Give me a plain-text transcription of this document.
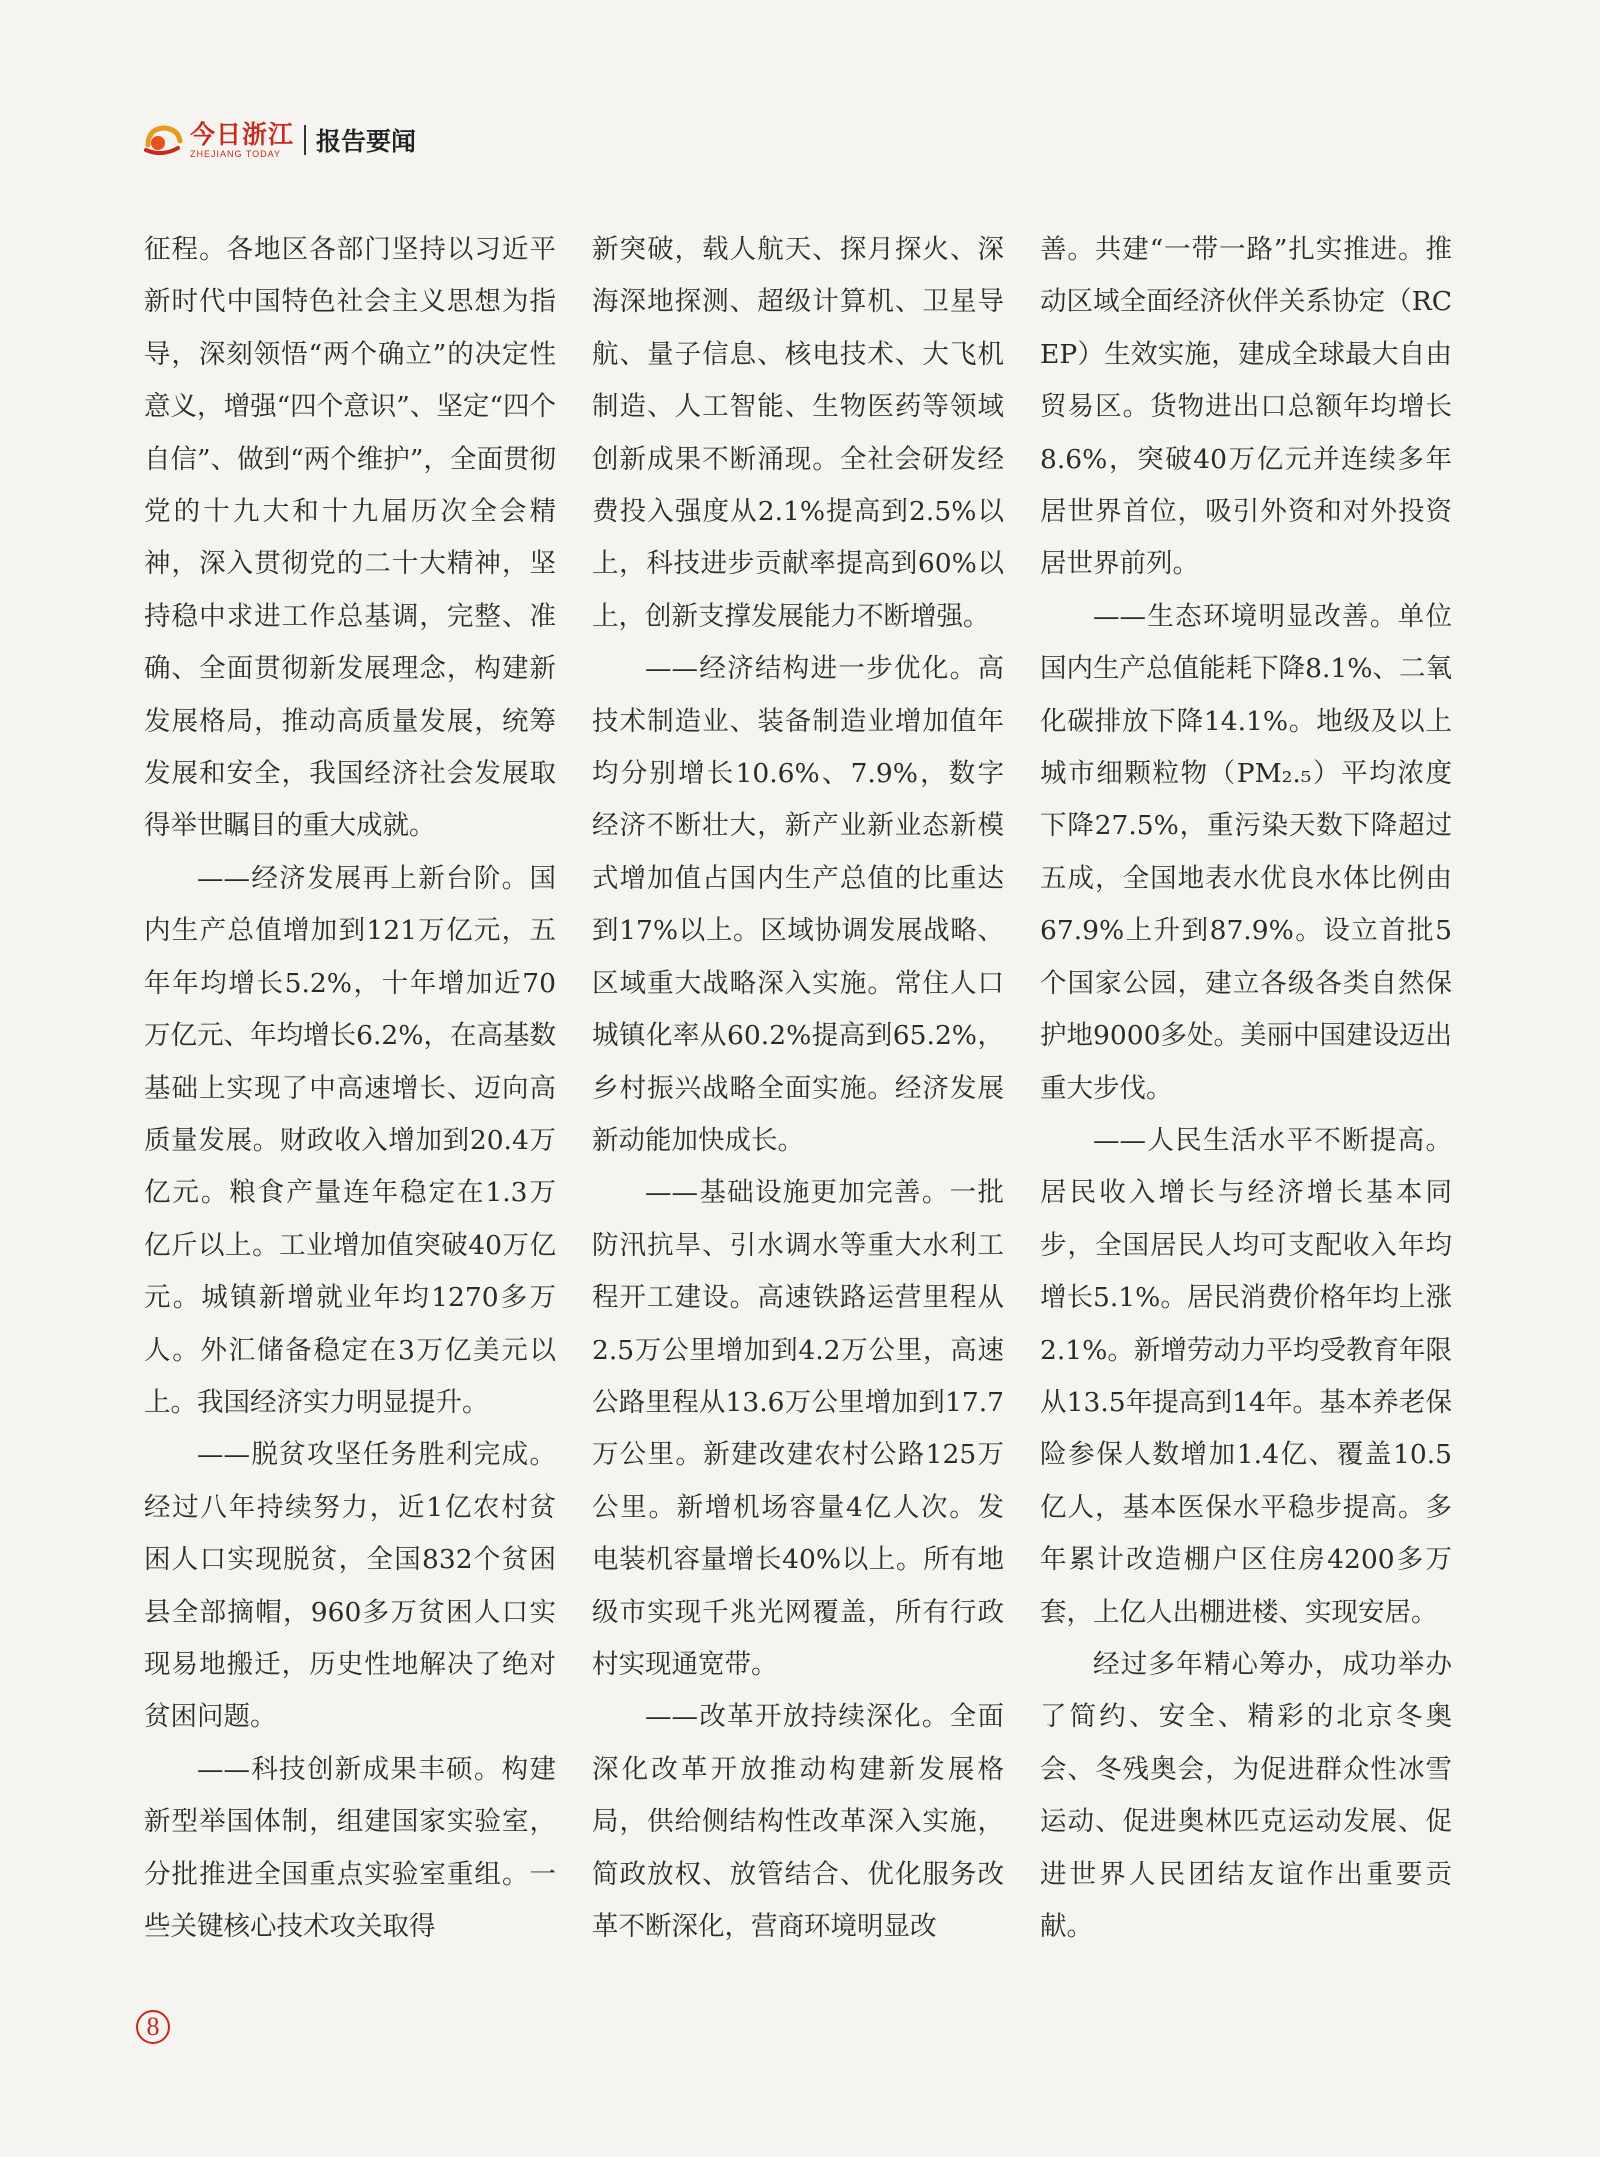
今日浙江
ZHEJIANG TODAY	报告要闻

征程。各地区各部门坚持以习近平新时代中国特色社会主义思想为指导，深刻领悟“两个确立”的决定性意义，增强“四个意识”、坚定“四个自信”、做到“两个维护”，全面贯彻党的十九大和十九届历次全会精神，深入贯彻党的二十大精神，坚持稳中求进工作总基调，完整、准确、全面贯彻新发展理念，构建新发展格局，推动高质量发展，统筹发展和安全，我国经济社会发展取得举世瞩目的重大成就。

——经济发展再上新台阶。国内生产总值增加到121万亿元，五年年均增长5.2%，十年增加近70万亿元、年均增长6.2%，在高基数基础上实现了中高速增长、迈向高质量发展。财政收入增加到20.4万亿元。粮食产量连年稳定在1.3万亿斤以上。工业增加值突破40万亿元。城镇新增就业年均1270多万人。外汇储备稳定在3万亿美元以上。我国经济实力明显提升。

——脱贫攻坚任务胜利完成。经过八年持续努力，近1亿农村贫困人口实现脱贫，全国832个贫困县全部摘帽，960多万贫困人口实现易地搬迁，历史性地解决了绝对贫困问题。

——科技创新成果丰硕。构建新型举国体制，组建国家实验室，分批推进全国重点实验室重组。一些关键核心技术攻关取得

新突破，载人航天、探月探火、深海深地探测、超级计算机、卫星导航、量子信息、核电技术、大飞机制造、人工智能、生物医药等领域创新成果不断涌现。全社会研发经费投入强度从2.1%提高到2.5%以上，科技进步贡献率提高到60%以上，创新支撑发展能力不断增强。

——经济结构进一步优化。高技术制造业、装备制造业增加值年均分别增长10.6%、7.9%，数字经济不断壮大，新产业新业态新模式增加值占国内生产总值的比重达到17%以上。区域协调发展战略、区域重大战略深入实施。常住人口城镇化率从60.2%提高到65.2%，乡村振兴战略全面实施。经济发展新动能加快成长。

——基础设施更加完善。一批防汛抗旱、引水调水等重大水利工程开工建设。高速铁路运营里程从2.5万公里增加到4.2万公里，高速公路里程从13.6万公里增加到17.7万公里。新建改建农村公路125万公里。新增机场容量4亿人次。发电装机容量增长40%以上。所有地级市实现千兆光网覆盖，所有行政村实现通宽带。

——改革开放持续深化。全面深化改革开放推动构建新发展格局，供给侧结构性改革深入实施，简政放权、放管结合、优化服务改革不断深化，营商环境明显改

善。共建“一带一路”扎实推进。推动区域全面经济伙伴关系协定（RCEP）生效实施，建成全球最大自由贸易区。货物进出口总额年均增长8.6%，突破40万亿元并连续多年居世界首位，吸引外资和对外投资居世界前列。

——生态环境明显改善。单位国内生产总值能耗下降8.1%、二氧化碳排放下降14.1%。地级及以上城市细颗粒物（PM₂.₅）平均浓度下降27.5%，重污染天数下降超过五成，全国地表水优良水体比例由67.9%上升到87.9%。设立首批5个国家公园，建立各级各类自然保护地9000多处。美丽中国建设迈出重大步伐。

——人民生活水平不断提高。居民收入增长与经济增长基本同步，全国居民人均可支配收入年均增长5.1%。居民消费价格年均上涨2.1%。新增劳动力平均受教育年限从13.5年提高到14年。基本养老保险参保人数增加1.4亿、覆盖10.5亿人，基本医保水平稳步提高。多年累计改造棚户区住房4200多万套，上亿人出棚进楼、实现安居。

经过多年精心筹办，成功举办了简约、安全、精彩的北京冬奥会、冬残奥会，为促进群众性冰雪运动、促进奥林匹克运动发展、促进世界人民团结友谊作出重要贡献。

8
